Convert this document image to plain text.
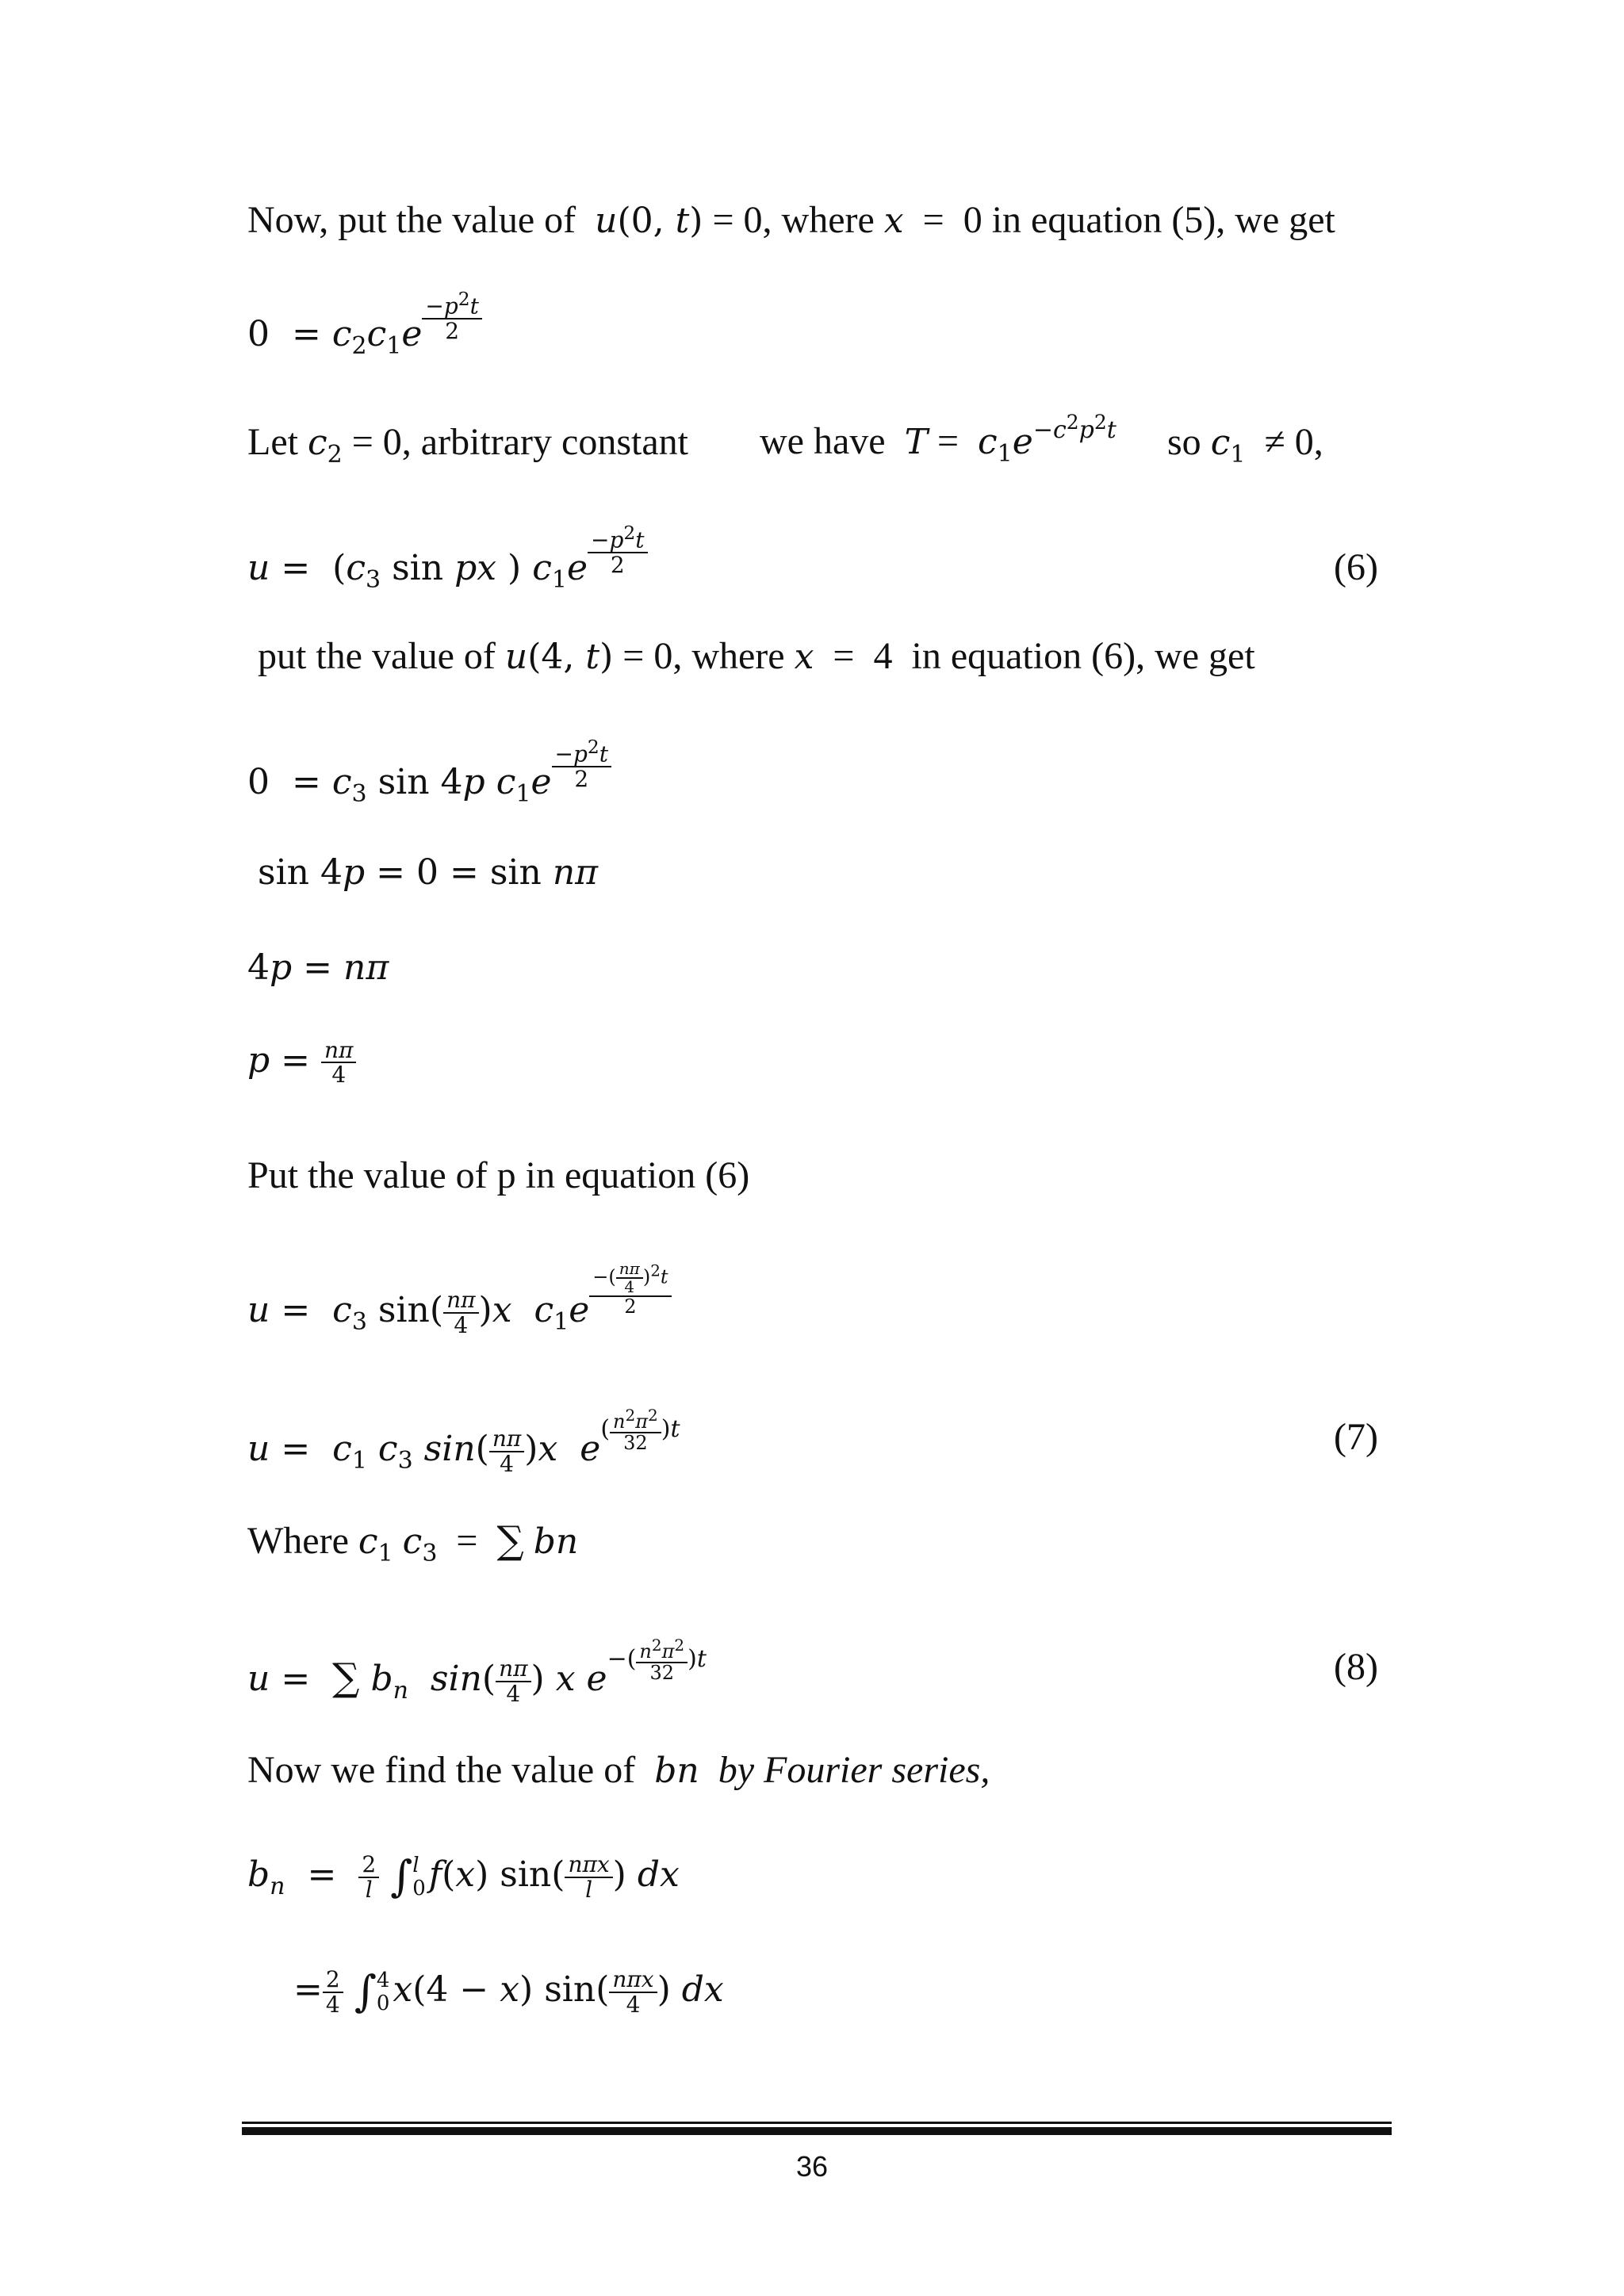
Now, put the value of  u(0, t) = 0, where x  =  0 in equation (5), we get
$0 = c_2c_1e \frac{-p^2t}{2}$
Let $c_2 = 0$, arbitrary constant we have  $T = c_1e^{-c^2p^2t}$ so $c_1 \ne 0$,
$u = (c_3$ sin px ) $c_1e \frac{-p^2t}{2}$	(6)
put the value of u(4, t) = 0, where x  =  4  in equation (6), we get
$0 = c_3$ sin 4p $c_1e \frac{-p^2t}{2}$
sin 4p = 0 = sin nπ
4p = nπ
$p = \frac{n\pi}{4}$
Put the value of p in equation (6)
$u = c_3$ $\sin( \frac{n\pi}{4} )x$ $c_1e \frac{-( \frac{n\pi}{4} )^2t}{2}$
$u = c_1$ $c_3$ $\sin( \frac{n\pi}{4} )x$ $e( \frac{n^2\pi^2}{32} )t$	(7)
Where $c_1$ $c_3$  =  ∑ bn
u =  ∑ $b_n$ $\sin( \frac{n\pi}{4}$ ) x $e-( \frac{n^2\pi^2}{32} )t$	(8)
Now we find the value of  bn by Fourier series,
$b_n = \frac{2}{l}$ ∫ l
0 f(x) $\sin( \frac{\text{nπx}}{l}$ ) dx
= $\frac{2}{4}$ ∫ 4
0 x(4 − x) $\sin( \frac{\text{nπx}}{4}$ ) dx
36
